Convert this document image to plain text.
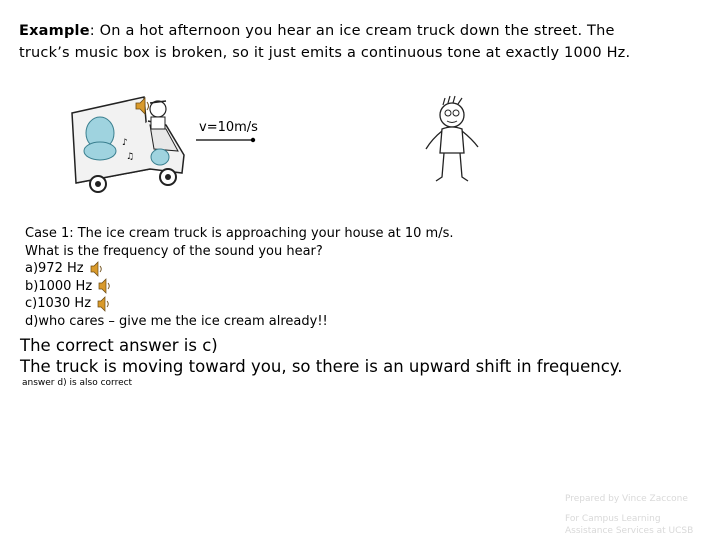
Example: On a hot afternoon you hear an ice cream truck down the street. The
truck’s music box is broken, so it just emits a continuous tone at exactly 1000 Hz.
♪
♫
v=10m/s
Case 1: The ice cream truck is approaching your house at 10 m/s.
What is the frequency of the sound you hear?
a)972 Hz
b)1000 Hz
c)1030 Hz
d)who cares – give me the ice cream already!!
The correct answer is c)
The truck is moving toward you, so there is an upward shift in frequency.
answer d) is also correct
Prepared by Vince Zaccone
For Campus Learning
Assistance Services at UCSB
